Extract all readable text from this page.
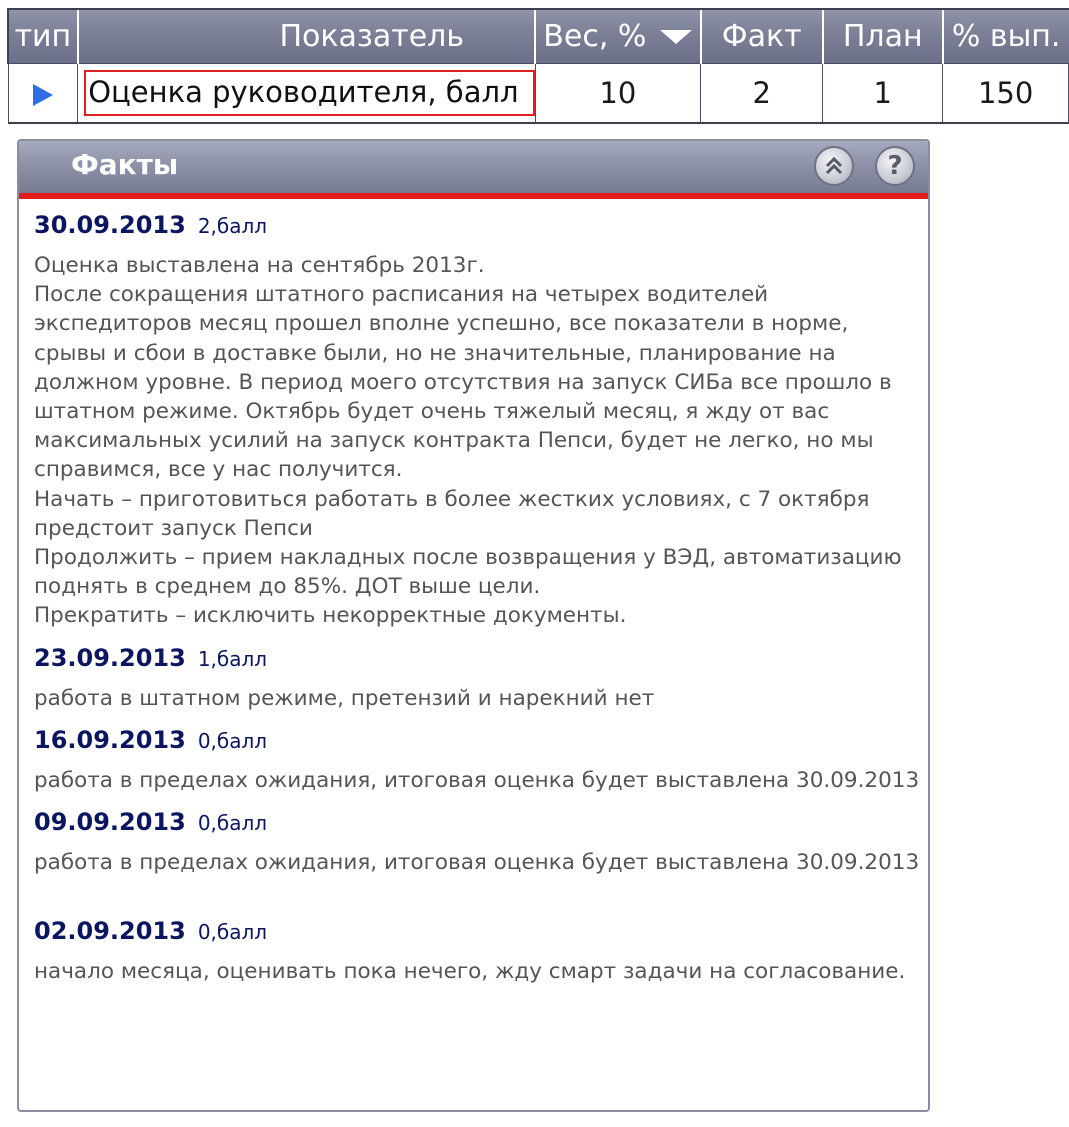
тип	Показатель	Вес, %	Факт	План	% вып.
	Оценка руководителя, балл	10	2	1	150
Факты	?
30.09.2013 2,балл
Оценка выставлена на сентябрь 2013г.
После сокращения штатного расписания на четырех водителей экспедиторов месяц прошел вполне успешно, все показатели в норме, срывы и сбои в доставке были, но не значительные, планирование на должном уровне. В период моего отсутствия на запуск СИБа все прошло в штатном режиме. Октябрь будет очень тяжелый месяц, я жду от вас максимальных усилий на запуск контракта Пепси, будет не легко, но мы справимся, все у нас получится.
Начать – приготовиться работать в более жестких условиях, с 7 октября предстоит запуск Пепси
Продолжить – прием накладных после возвращения у ВЭД, автоматизацию поднять в среднем до 85%. ДОТ выше цели.
Прекратить – исключить некорректные документы.
23.09.2013 1,балл
работа в штатном режиме, претензий и нарекний нет
16.09.2013 0,балл
работа в пределах ожидания, итоговая оценка будет выставлена 30.09.2013
09.09.2013 0,балл
работа в пределах ожидания, итоговая оценка будет выставлена 30.09.2013
02.09.2013 0,балл
начало месяца, оценивать пока нечего, жду смарт задачи на согласование.
